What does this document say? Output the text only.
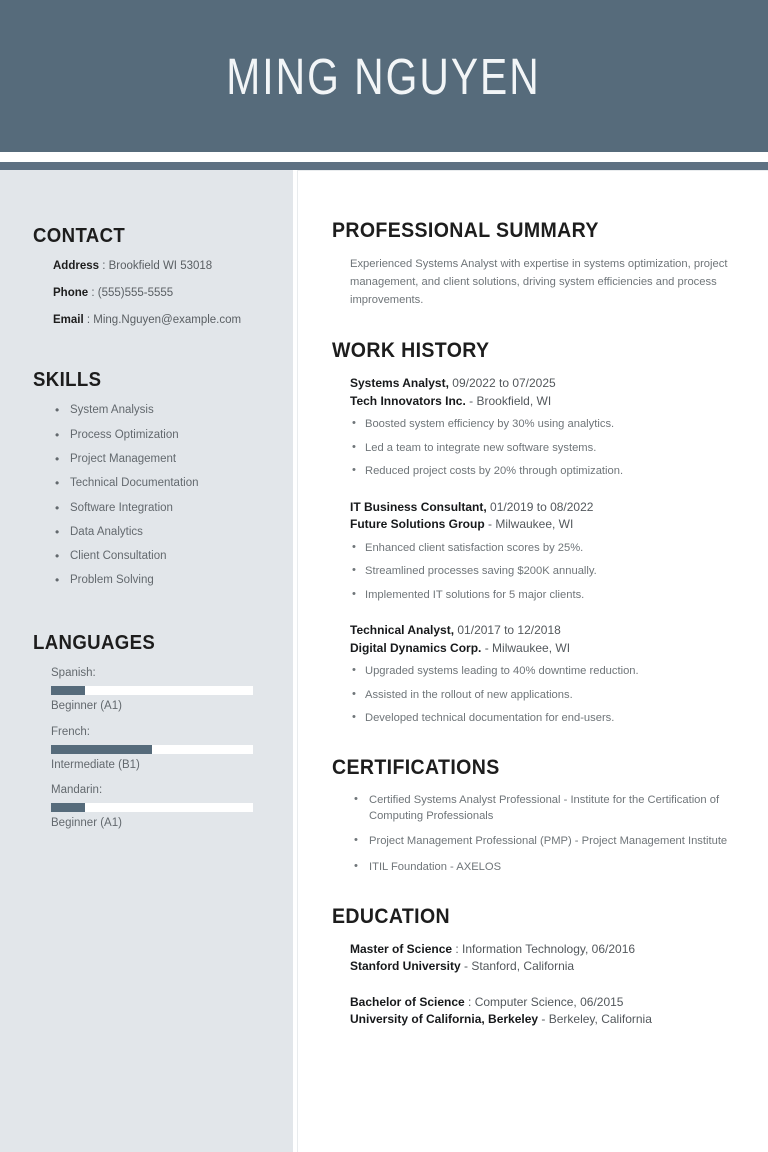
MING NGUYEN
CONTACT
Address : Brookfield WI 53018
Phone : (555)555-5555
Email : Ming.Nguyen@example.com
SKILLS
• System Analysis
• Process Optimization
• Project Management
• Technical Documentation
• Software Integration
• Data Analytics
• Client Consultation
• Problem Solving
LANGUAGES
Spanish:
Beginner (A1)
French:
Intermediate (B1)
Mandarin:
Beginner (A1)
PROFESSIONAL SUMMARY

Experienced Systems Analyst with expertise in systems optimization, project management, and client solutions, driving system efficiencies and process improvements.

WORK HISTORY
Systems Analyst, 09/2022 to 07/2025
Tech Innovators Inc. - Brookfield, WI
• Boosted system efficiency by 30% using analytics.
• Led a team to integrate new software systems.
• Reduced project costs by 20% through optimization.
IT Business Consultant, 01/2019 to 08/2022
Future Solutions Group - Milwaukee, WI
• Enhanced client satisfaction scores by 25%.
• Streamlined processes saving $200K annually.
• Implemented IT solutions for 5 major clients.
Technical Analyst, 01/2017 to 12/2018
Digital Dynamics Corp. - Milwaukee, WI
• Upgraded systems leading to 40% downtime reduction.
• Assisted in the rollout of new applications.
• Developed technical documentation for end-users.
CERTIFICATIONS
• Certified Systems Analyst Professional - Institute for the Certification of Computing Professionals
• Project Management Professional (PMP) - Project Management Institute
• ITIL Foundation - AXELOS
EDUCATION
Master of Science : Information Technology, 06/2016
Stanford University - Stanford, California
Bachelor of Science : Computer Science, 06/2015
University of California, Berkeley - Berkeley, California
